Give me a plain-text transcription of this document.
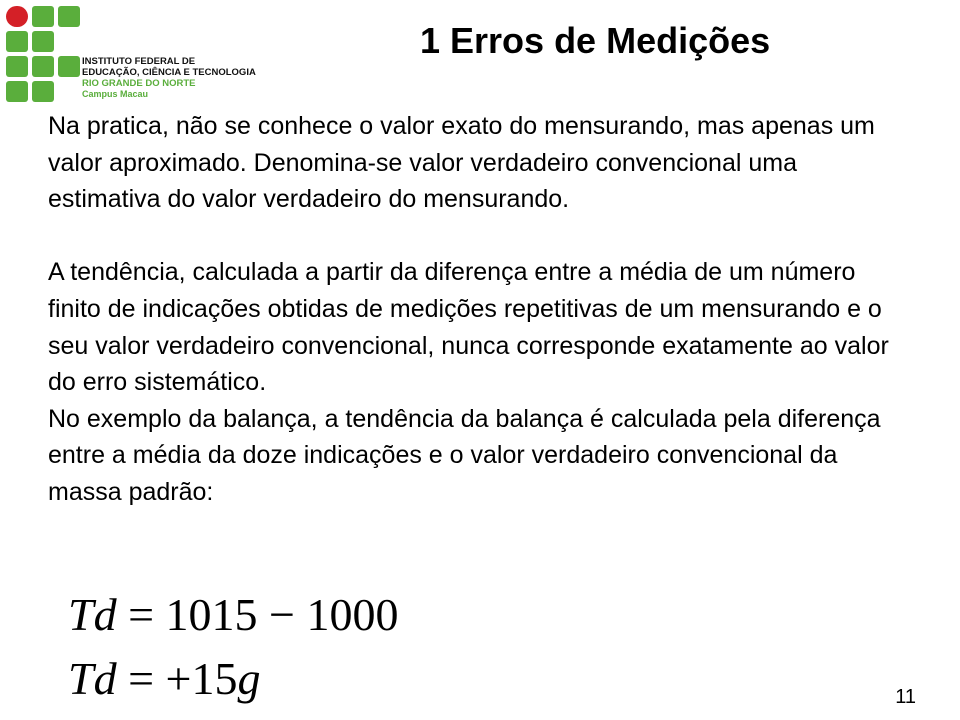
INSTITUTO FEDERAL DE
EDUCAÇÃO, CIÊNCIA E TECNOLOGIA
RIO GRANDE DO NORTE
Campus Macau
1 Erros de Medições

Na pratica, não se conhece o valor exato do mensurando, mas apenas um valor aproximado. Denomina-se valor verdadeiro convencional uma estimativa do valor verdadeiro do mensurando.

A tendência, calculada a partir da diferença entre a média de um número finito de indicações obtidas de medições repetitivas de um mensurando e o seu valor verdadeiro convencional, nunca corresponde exatamente ao valor do erro sistemático.

No exemplo da balança, a tendência da balança é calculada pela diferença entre a média da doze indicações e o valor verdadeiro convencional da massa padrão:

Td = 1015 − 1000
Td = +15g	11
